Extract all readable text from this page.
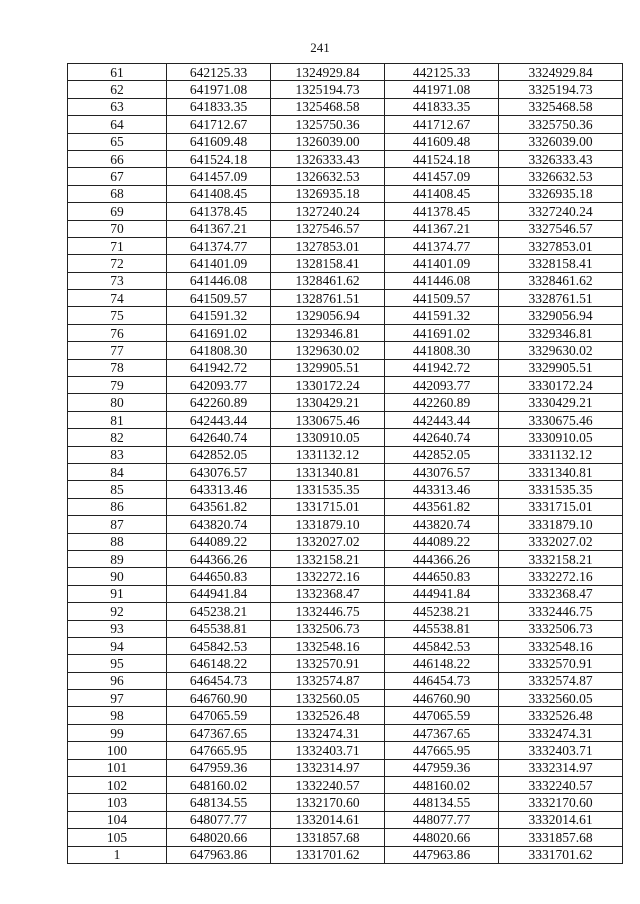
241
61	642125.33	1324929.84	442125.33	3324929.84
62	641971.08	1325194.73	441971.08	3325194.73
63	641833.35	1325468.58	441833.35	3325468.58
64	641712.67	1325750.36	441712.67	3325750.36
65	641609.48	1326039.00	441609.48	3326039.00
66	641524.18	1326333.43	441524.18	3326333.43
67	641457.09	1326632.53	441457.09	3326632.53
68	641408.45	1326935.18	441408.45	3326935.18
69	641378.45	1327240.24	441378.45	3327240.24
70	641367.21	1327546.57	441367.21	3327546.57
71	641374.77	1327853.01	441374.77	3327853.01
72	641401.09	1328158.41	441401.09	3328158.41
73	641446.08	1328461.62	441446.08	3328461.62
74	641509.57	1328761.51	441509.57	3328761.51
75	641591.32	1329056.94	441591.32	3329056.94
76	641691.02	1329346.81	441691.02	3329346.81
77	641808.30	1329630.02	441808.30	3329630.02
78	641942.72	1329905.51	441942.72	3329905.51
79	642093.77	1330172.24	442093.77	3330172.24
80	642260.89	1330429.21	442260.89	3330429.21
81	642443.44	1330675.46	442443.44	3330675.46
82	642640.74	1330910.05	442640.74	3330910.05
83	642852.05	1331132.12	442852.05	3331132.12
84	643076.57	1331340.81	443076.57	3331340.81
85	643313.46	1331535.35	443313.46	3331535.35
86	643561.82	1331715.01	443561.82	3331715.01
87	643820.74	1331879.10	443820.74	3331879.10
88	644089.22	1332027.02	444089.22	3332027.02
89	644366.26	1332158.21	444366.26	3332158.21
90	644650.83	1332272.16	444650.83	3332272.16
91	644941.84	1332368.47	444941.84	3332368.47
92	645238.21	1332446.75	445238.21	3332446.75
93	645538.81	1332506.73	445538.81	3332506.73
94	645842.53	1332548.16	445842.53	3332548.16
95	646148.22	1332570.91	446148.22	3332570.91
96	646454.73	1332574.87	446454.73	3332574.87
97	646760.90	1332560.05	446760.90	3332560.05
98	647065.59	1332526.48	447065.59	3332526.48
99	647367.65	1332474.31	447367.65	3332474.31
100	647665.95	1332403.71	447665.95	3332403.71
101	647959.36	1332314.97	447959.36	3332314.97
102	648160.02	1332240.57	448160.02	3332240.57
103	648134.55	1332170.60	448134.55	3332170.60
104	648077.77	1332014.61	448077.77	3332014.61
105	648020.66	1331857.68	448020.66	3331857.68
1	647963.86	1331701.62	447963.86	3331701.62
